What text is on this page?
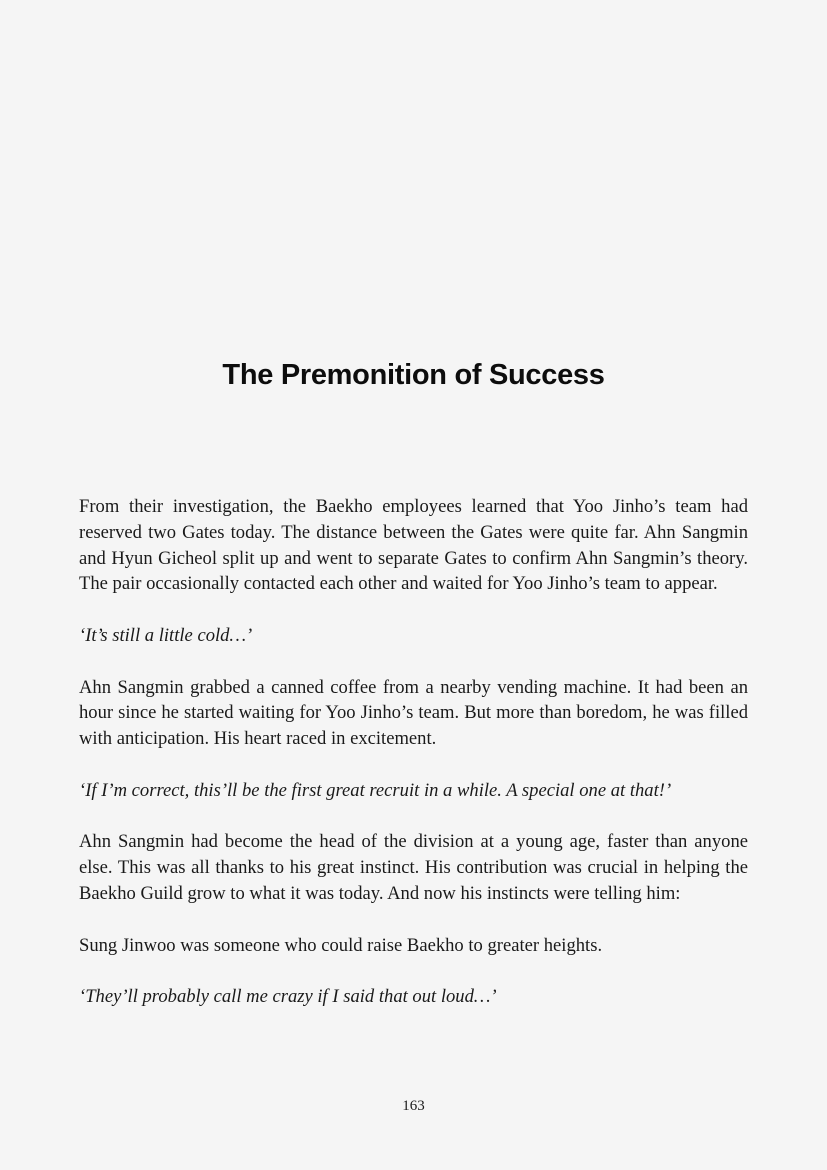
The Premonition of Success

From their investigation, the Baekho employees learned that Yoo Jinho’s team had reserved two Gates today. The distance between the Gates were quite far. Ahn Sangmin and Hyun Gicheol split up and went to separate Gates to confirm Ahn Sangmin’s theory. The pair occasionally contacted each other and waited for Yoo Jinho’s team to appear.

‘It’s still a little cold…’

Ahn Sangmin grabbed a canned coffee from a nearby vending machine. It had been an hour since he started waiting for Yoo Jinho’s team. But more than boredom, he was filled with anticipation. His heart raced in excitement.

‘If I’m correct, this’ll be the first great recruit in a while. A special one at that!’

Ahn Sangmin had become the head of the division at a young age, faster than anyone else. This was all thanks to his great instinct. His contribution was crucial in helping the Baekho Guild grow to what it was today. And now his instincts were telling him:

Sung Jinwoo was someone who could raise Baekho to greater heights.

‘They’ll probably call me crazy if I said that out loud…’

163
